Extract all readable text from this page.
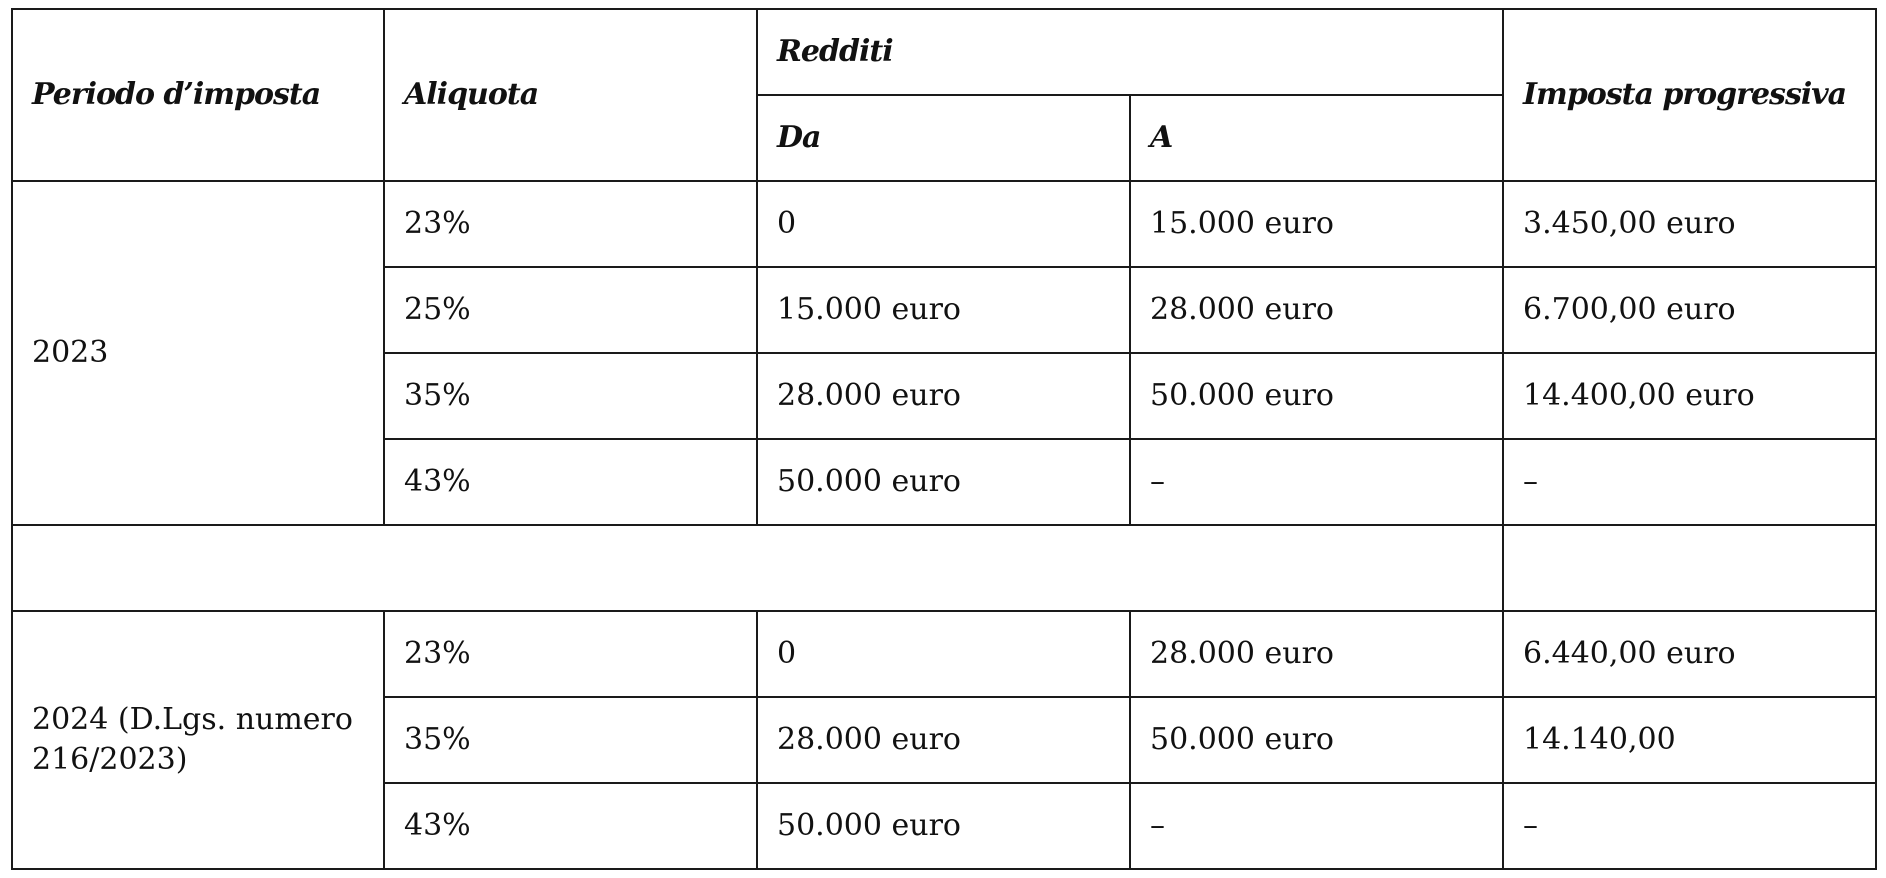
Periodo d’imposta	Aliquota	Redditi		Imposta progressiva
		Da	A	
2023	23%	0	15.000 euro	3.450,00 euro
	25%	15.000 euro	28.000 euro	6.700,00 euro
	35%	28.000 euro	50.000 euro	14.400,00 euro
	43%	50.000 euro	–	–

2024 (D.Lgs. numero 216/2023)	23%	0	28.000 euro	6.440,00 euro
	35%	28.000 euro	50.000 euro	14.140,00
	43%	50.000 euro	–	–
